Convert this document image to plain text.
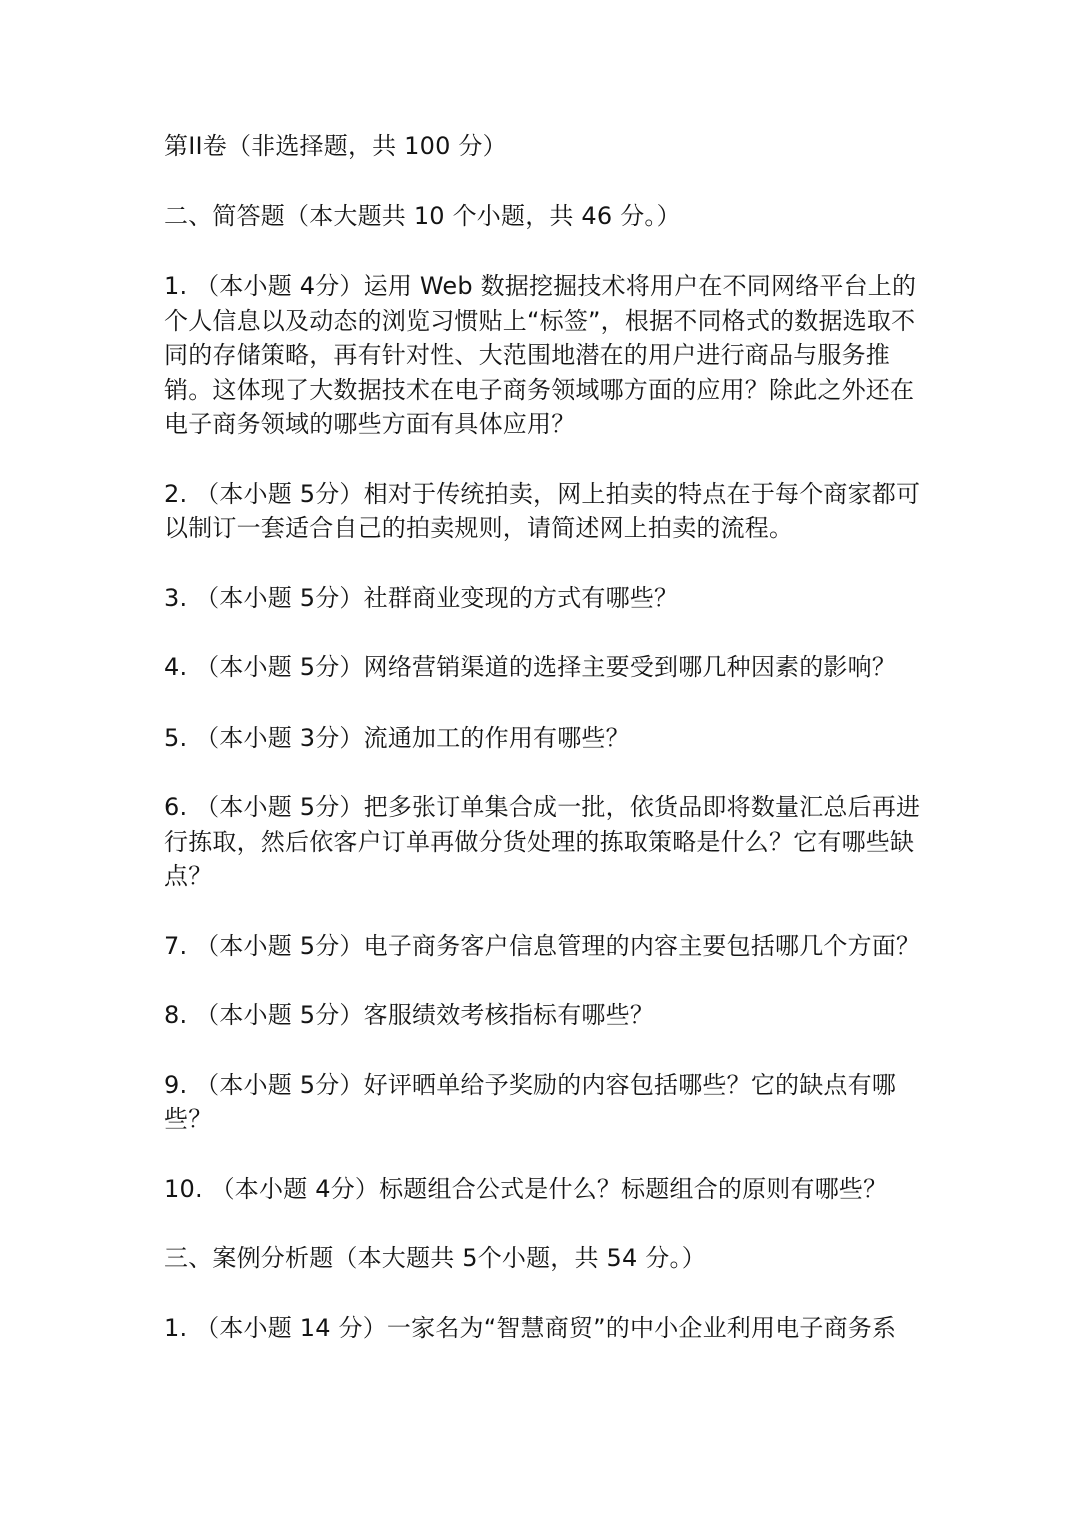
第II卷（非选择题，共 100 分）

二、简答题（本大题共 10 个小题，共 46 分。）

1. （本小题 4分）运用 Web 数据挖掘技术将用户在不同网络平台上的个人信息以及动态的浏览习惯贴上“标签”，根据不同格式的数据选取不同的存储策略，再有针对性、大范围地潜在的用户进行商品与服务推销。这体现了大数据技术在电子商务领域哪方面的应用？除此之外还在电子商务领域的哪些方面有具体应用？

2. （本小题 5分）相对于传统拍卖，网上拍卖的特点在于每个商家都可以制订一套适合自己的拍卖规则，请简述网上拍卖的流程。

3. （本小题 5分）社群商业变现的方式有哪些？

4. （本小题 5分）网络营销渠道的选择主要受到哪几种因素的影响？

5. （本小题 3分）流通加工的作用有哪些？

6. （本小题 5分）把多张订单集合成一批，依货品即将数量汇总后再进行拣取，然后依客户订单再做分货处理的拣取策略是什么？它有哪些缺点？

7. （本小题 5分）电子商务客户信息管理的内容主要包括哪几个方面？

8. （本小题 5分）客服绩效考核指标有哪些？

9. （本小题 5分）好评晒单给予奖励的内容包括哪些？它的缺点有哪些？

10. （本小题 4分）标题组合公式是什么？标题组合的原则有哪些？

三、案例分析题（本大题共 5个小题，共 54 分。）

1. （本小题 14 分）一家名为“智慧商贸”的中小企业利用电子商务系
